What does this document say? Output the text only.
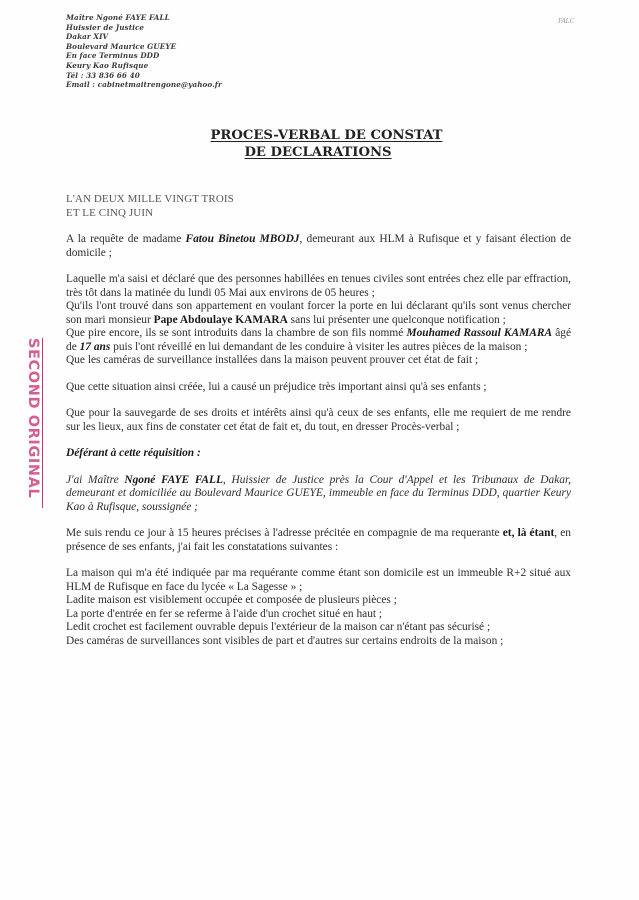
Maître Ngoné FAYE FALL
Huissier de Justice
Dakar XIV
Boulevard Maurice GUEYE
En face Terminus DDD
Keury Kao Rufisque
Tél : 33 836 66 40
Email : cabinetmaitrengone@yahoo.fr
FALC
SECOND ORIGINAL
PROCES-VERBAL DE CONSTAT
DE DECLARATIONS

L'AN DEUX MILLE VINGT TROIS

ET LE CINQ JUIN

A la requête de madame Fatou Binetou MBODJ, demeurant aux HLM à Rufisque et y faisant élection de domicile ;

Laquelle m'a saisi et déclaré que des personnes habillées en tenues civiles sont entrées chez elle par effraction, très tôt dans la matinée du lundi 05 Mai aux environs de 05 heures ;

Qu'ils l'ont trouvé dans son appartement en voulant forcer la porte en lui déclarant qu'ils sont venus chercher son mari monsieur Pape Abdoulaye KAMARA sans lui présenter une quelconque notification ;

Que pire encore, ils se sont introduits dans la chambre de son fils nommé Mouhamed Rassoul KAMARA âgé de 17 ans puis l'ont réveillé en lui demandant de les conduire à visiter les autres pièces de la maison ;

Que les caméras de surveillance installées dans la maison peuvent prouver cet état de fait ;

Que cette situation ainsi créée, lui a causé un préjudice très important ainsi qu'à ses enfants ;

Que pour la sauvegarde de ses droits et intérêts ainsi qu'à ceux de ses enfants, elle me requiert de me rendre sur les lieux, aux fins de constater cet état de fait et, du tout, en dresser Procès-verbal ;

Déférant à cette réquisition :

J'ai Maître Ngoné FAYE FALL, Huissier de Justice près la Cour d'Appel et les Tribunaux de Dakar, demeurant et domiciliée au Boulevard Maurice GUEYE, immeuble en face du Terminus DDD, quartier Keury Kao à Rufisque, soussignée ;

Me suis rendu ce jour à 15 heures précises à l'adresse précitée en compagnie de ma requerante et, là étant, en présence de ses enfants, j'ai fait les constatations suivantes :

La maison qui m'a été indiquée par ma requérante comme étant son domicile est un immeuble R+2 situé aux HLM de Rufisque en face du lycée « La Sagesse » ;

Ladite maison est visiblement occupée et composée de plusieurs pièces ;

La porte d'entrée en fer se referme à l'aide d'un crochet situé en haut ;

Ledit crochet est facilement ouvrable depuis l'extérieur de la maison car n'étant pas sécurisé ;

Des caméras de surveillances sont visibles de part et d'autres sur certains endroits de la maison ;
